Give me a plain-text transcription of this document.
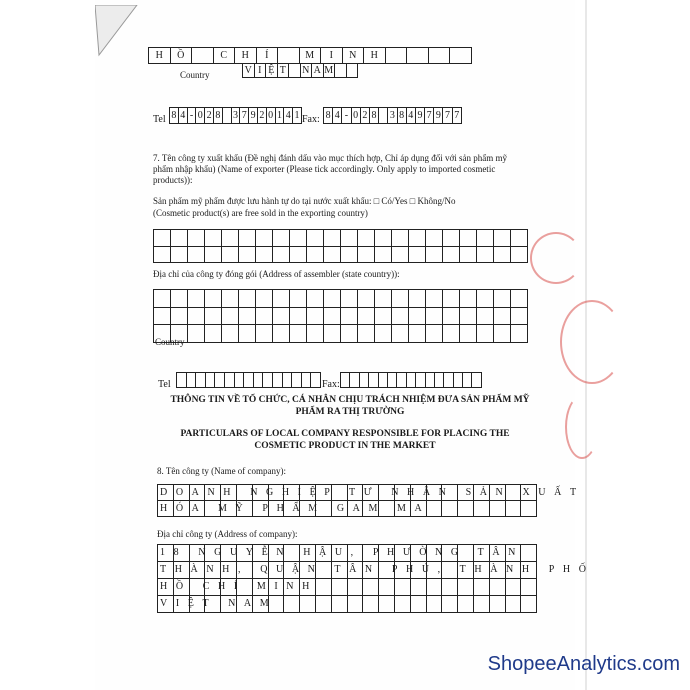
H	Ồ	C	H	Í	M	I	N	H
Country	V I Ệ T	N A M
Tel 8 4 - 0 2 8 3 7 9 2 0 1 4 1 Fax: 8 4 - 0 2 8 3 8 4 9 7 9 7 7
7. Tên công ty xuất khẩu (Đề nghị đánh dấu vào mục thích hợp, Chỉ áp dụng đối với sản phẩm mỹ phẩm nhập khẩu) (Name of exporter (Please tick accordingly. Only apply to imported cosmetic products)):
Sản phẩm mỹ phẩm được lưu hành tự do tại nước xuất khẩu: □ Có/Yes □ Không/No
(Cosmetic product(s) are free sold in the exporting country)
Địa chỉ của công ty đóng gói (Address of assembler (state country)):
Country
Tel	Fax:
THÔNG TIN VỀ TỔ CHỨC, CÁ NHÂN CHỊU TRÁCH NHIỆM ĐƯA SẢN PHẨM MỸ PHẨM RA THỊ TRƯỜNG
PARTICULARS OF LOCAL COMPANY RESPONSIBLE FOR PLACING THE COSMETIC PRODUCT IN THE MARKET
8. Tên công ty (Name of company):
DOANH NGHIỆP TƯ NHÂN SẢN XUẤT
HÓA MỸ PHẨM GAM MA
Địa chỉ công ty (Address of company):
18 NGUYỄN HẬU, PHƯỜNG TÂN
THÀNH, QUẬN TÂN PHÚ, THÀNH PHỐ
HỒ CHÍ MINH
VIỆT NAM
ShopeeAnalytics.com
